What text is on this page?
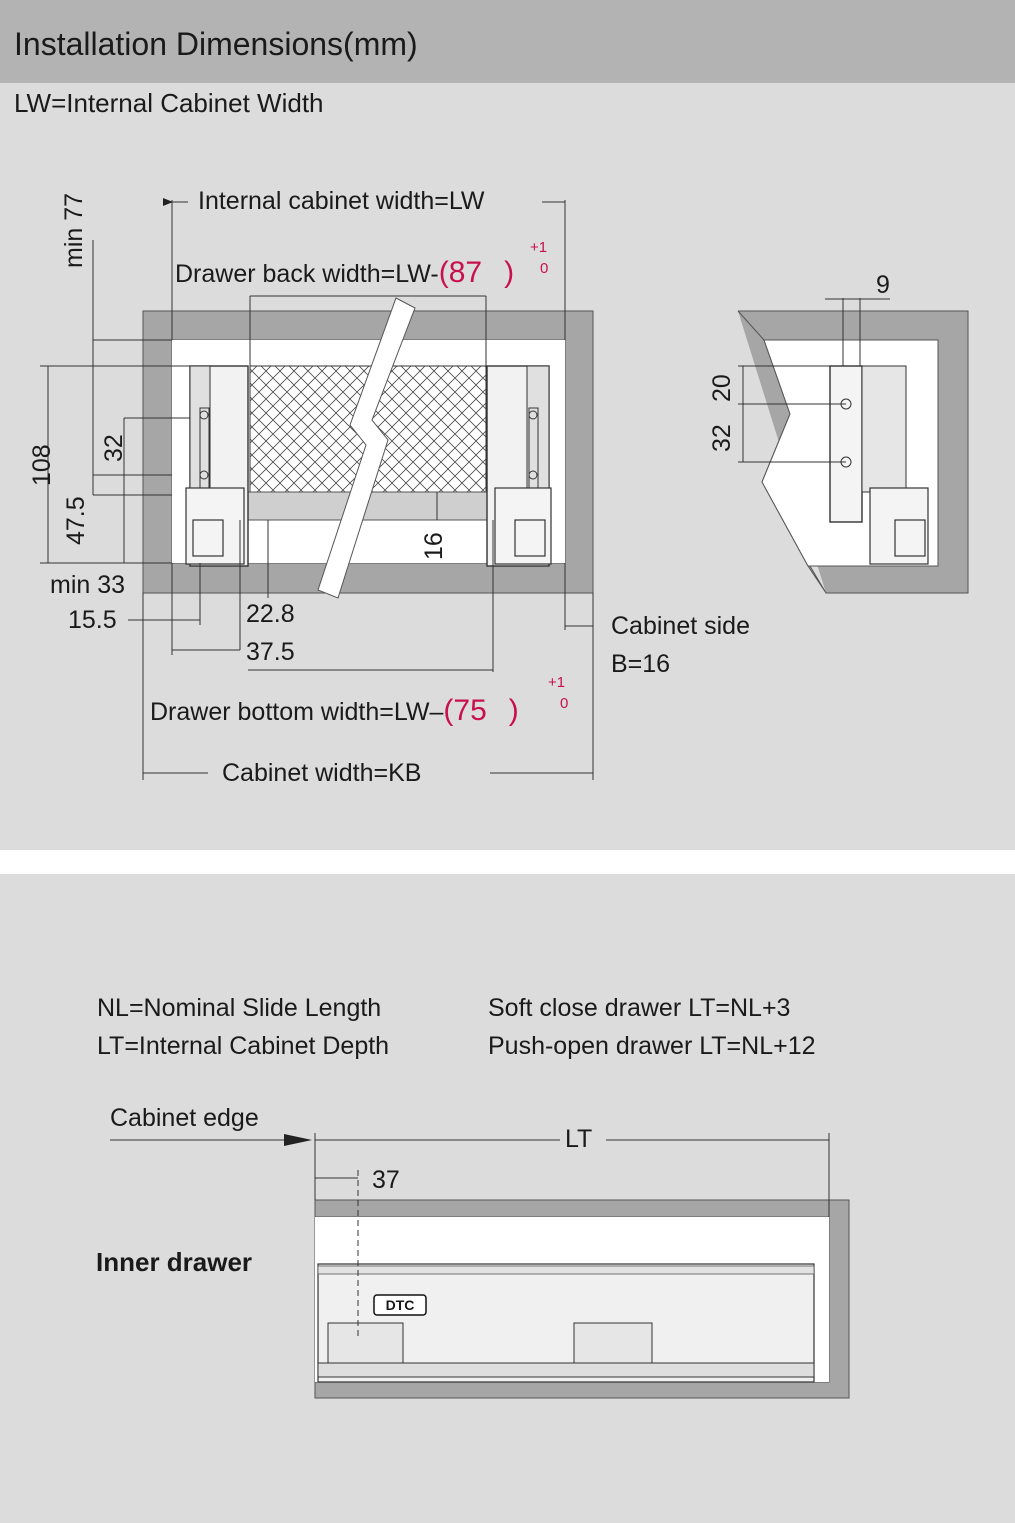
Installation Dimensions(mm)
LW=Internal Cabinet Width
Internal cabinet width=LW
Drawer back width=LW-(87 )
+1
0
min 77
108 32
47.5
min 33
15.5	22.8
37.5
16
Drawer bottom width=LW–(75 )
+1
0
Cabinet width=KB
Cabinet side
B=16
9
20
32
NL=Nominal Slide Length
LT=Internal Cabinet Depth
Soft close drawer LT=NL+3
Push-open drawer LT=NL+12
Cabinet edge
LT
37
Inner drawer
DTC
